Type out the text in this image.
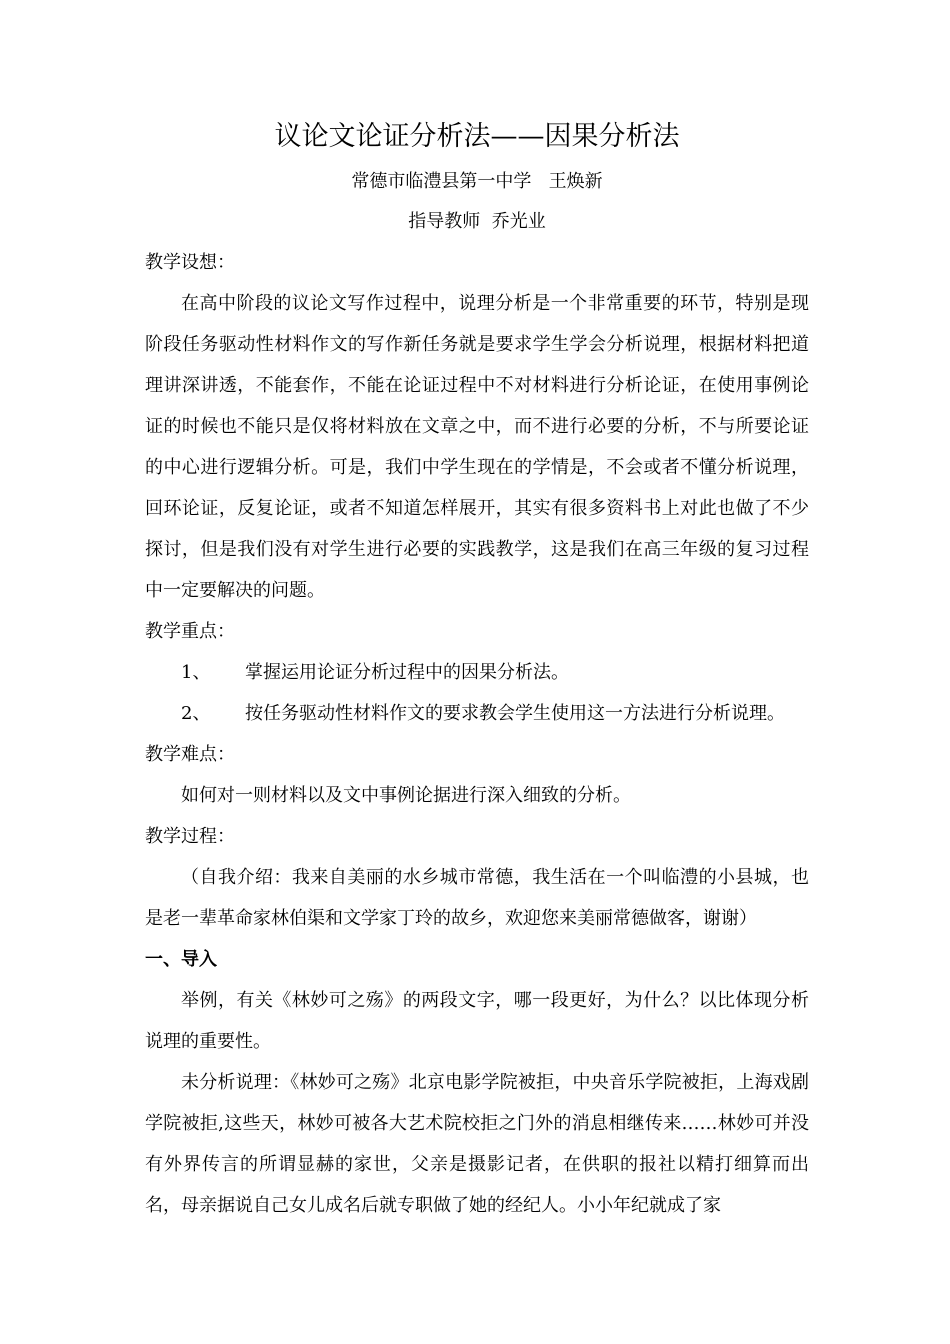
议论文论证分析法——因果分析法

常德市临澧县第一中学   王焕新

指导教师  乔光业

教学设想：

在高中阶段的议论文写作过程中，说理分析是一个非常重要的环节，特别是现阶段任务驱动性材料作文的写作新任务就是要求学生学会分析说理，根据材料把道理讲深讲透，不能套作，不能在论证过程中不对材料进行分析论证，在使用事例论证的时候也不能只是仅将材料放在文章之中，而不进行必要的分析，不与所要论证的中心进行逻辑分析。可是，我们中学生现在的学情是，不会或者不懂分析说理，回环论证，反复论证，或者不知道怎样展开，其实有很多资料书上对此也做了不少探讨，但是我们没有对学生进行必要的实践教学，这是我们在高三年级的复习过程中一定要解决的问题。

教学重点：

1、	掌握运用论证分析过程中的因果分析法。
2、	按任务驱动性材料作文的要求教会学生使用这一方法进行分析说理。

教学难点：

如何对一则材料以及文中事例论据进行深入细致的分析。

教学过程：

（自我介绍：我来自美丽的水乡城市常德，我生活在一个叫临澧的小县城，也是老一辈革命家林伯渠和文学家丁玲的故乡，欢迎您来美丽常德做客，谢谢）

一、导入

举例，有关《林妙可之殇》的两段文字，哪一段更好，为什么？以比体现分析说理的重要性。

未分析说理：《林妙可之殇》北京电影学院被拒，中央音乐学院被拒，上海戏剧学院被拒,这些天，林妙可被各大艺术院校拒之门外的消息相继传来……林妙可并没有外界传言的所谓显赫的家世，父亲是摄影记者，在供职的报社以精打细算而出名，母亲据说自己女儿成名后就专职做了她的经纪人。小小年纪就成了家
